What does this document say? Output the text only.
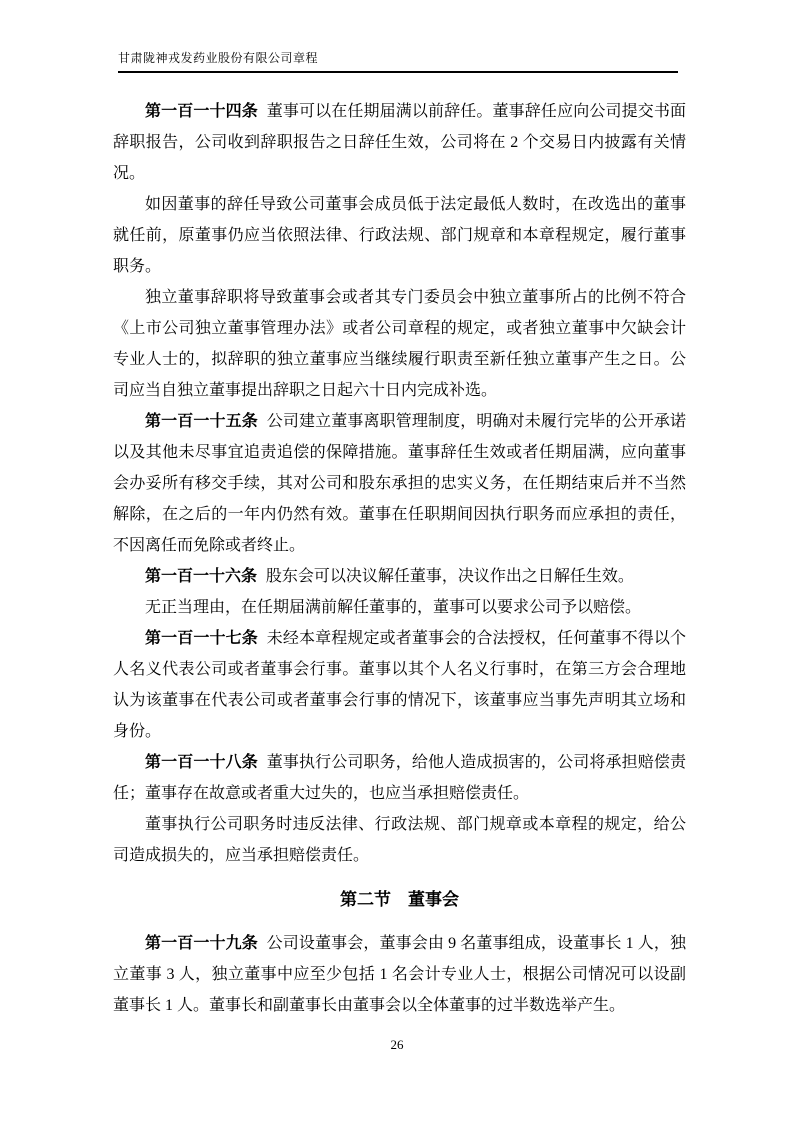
甘肃陇神戎发药业股份有限公司章程

第一百一十四条 董事可以在任期届满以前辞任。董事辞任应向公司提交书面辞职报告，公司收到辞职报告之日辞任生效，公司将在 2 个交易日内披露有关情况。

如因董事的辞任导致公司董事会成员低于法定最低人数时，在改选出的董事就任前，原董事仍应当依照法律、行政法规、部门规章和本章程规定，履行董事职务。

独立董事辞职将导致董事会或者其专门委员会中独立董事所占的比例不符合《上市公司独立董事管理办法》或者公司章程的规定，或者独立董事中欠缺会计专业人士的，拟辞职的独立董事应当继续履行职责至新任独立董事产生之日。公司应当自独立董事提出辞职之日起六十日内完成补选。

第一百一十五条 公司建立董事离职管理制度，明确对未履行完毕的公开承诺以及其他未尽事宜追责追偿的保障措施。董事辞任生效或者任期届满，应向董事会办妥所有移交手续，其对公司和股东承担的忠实义务，在任期结束后并不当然解除，在之后的一年内仍然有效。董事在任职期间因执行职务而应承担的责任，不因离任而免除或者终止。

第一百一十六条 股东会可以决议解任董事，决议作出之日解任生效。

无正当理由，在任期届满前解任董事的，董事可以要求公司予以赔偿。

第一百一十七条 未经本章程规定或者董事会的合法授权，任何董事不得以个人名义代表公司或者董事会行事。董事以其个人名义行事时，在第三方会合理地认为该董事在代表公司或者董事会行事的情况下，该董事应当事先声明其立场和身份。

第一百一十八条 董事执行公司职务，给他人造成损害的，公司将承担赔偿责任；董事存在故意或者重大过失的，也应当承担赔偿责任。

董事执行公司职务时违反法律、行政法规、部门规章或本章程的规定，给公司造成损失的，应当承担赔偿责任。

第二节　董事会

第一百一十九条 公司设董事会，董事会由 9 名董事组成，设董事长 1 人，独立董事 3 人，独立董事中应至少包括 1 名会计专业人士，根据公司情况可以设副董事长 1 人。董事长和副董事长由董事会以全体董事的过半数选举产生。

26
